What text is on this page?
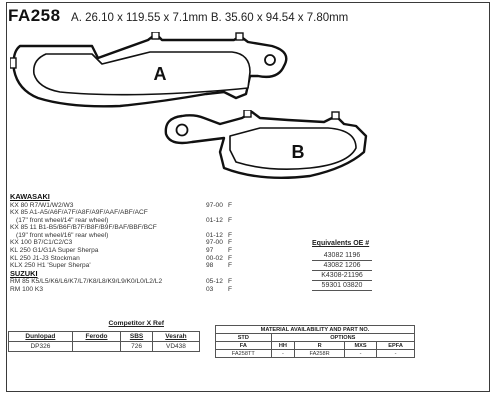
FA258 A. 26.10 x 119.55 x 7.1mm B. 35.60 x 94.54 x 7.80mm
A
B
KAWASAKI
KX 80 R7/W1/W2/W3	97-00 F
KX 85 A1-A5/A6F/A7F/A8F/A9F/AAF/ABF/ACF
(17" front wheel/14" rear wheel)	01-12 F
KX 85 11 B1-B5/B6F/B7F/B8F/B9F/BAF/BBF/BCF
(19" front wheel/16" rear wheel)	01-12 F
KX 100 B7/C1/C2/C3	97-00 F
KL 250 G1/G1A Super Sherpa	97 F
KL 250 J1-J3 Stockman	00-02 F
KLX 250 H1 'Super Sherpa'	98 F
SUZUKI
RM 85 K5/L5/K6/L6/K7/L7/K8/L8/K9/L9/K0/L0/L2/L2	05-12 F
RM 100 K3	03 F
Equivalents OE #
43082 1196
43082 1206
K4308-21196
59301 03820
Competitor X Ref
Dunlopad	Ferodo	SBS	Vesrah
DP326		726	VD438
MATERIAL AVAILABILITY AND PART NO.				
STD	OPTIONS			
FA	HH	R	MXS	EPFA
FA258TT	-	FA258R	-	-
